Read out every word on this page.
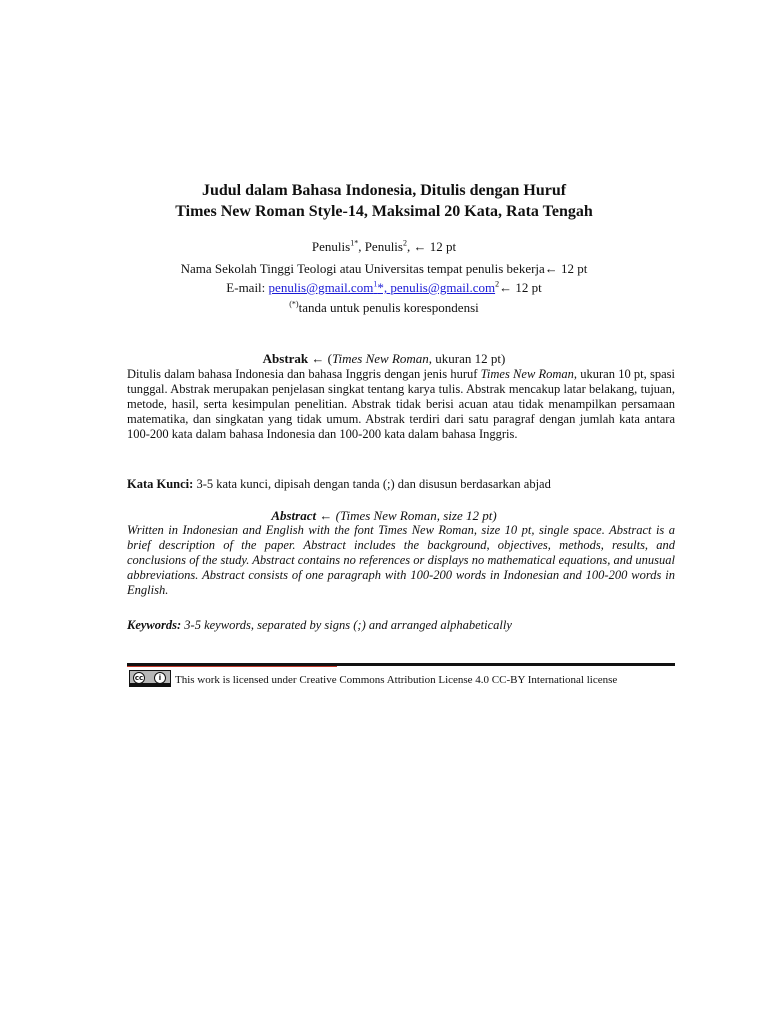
Judul dalam Bahasa Indonesia, Ditulis dengan Huruf
Times New Roman Style-14, Maksimal 20 Kata, Rata Tengah
Penulis$^{1*}$, Penulis$^2$, ← 12 pt
Nama Sekolah Tinggi Teologi atau Universitas tempat penulis bekerja← 12 pt
E-mail: penulis@gmail.com$^1$*, penulis@gmail.com$^2$← 12 pt
(*)tanda untuk penulis korespondensi
Abstrak ← (Times New Roman, ukuran 12 pt)
Ditulis dalam bahasa Indonesia dan bahasa Inggris dengan jenis huruf Times New Roman, ukuran 10 pt, spasi tunggal. Abstrak merupakan penjelasan singkat tentang karya tulis. Abstrak mencakup latar belakang, tujuan, metode, hasil, serta kesimpulan penelitian. Abstrak tidak berisi acuan atau tidak menampilkan persamaan matematika, dan singkatan yang tidak umum. Abstrak terdiri dari satu paragraf dengan jumlah kata antara 100-200 kata dalam bahasa Indonesia dan 100-200 kata dalam bahasa Inggris.
Kata Kunci: 3-5 kata kunci, dipisah dengan tanda (;) dan disusun berdasarkan abjad
Abstract ← (Times New Roman, size 12 pt)
Written in Indonesian and English with the font Times New Roman, size 10 pt, single space. Abstract is a brief description of the paper. Abstract includes the background, objectives, methods, results, and conclusions of the study. Abstract contains no references or displays no mathematical equations, and unusual abbreviations. Abstract consists of one paragraph with 100-200 words in Indonesian and 100-200 words in English.
Keywords: 3-5 keywords, separated by signs (;) and arranged alphabetically
cc	i	This work is licensed under Creative Commons Attribution License 4.0 CC-BY International license
